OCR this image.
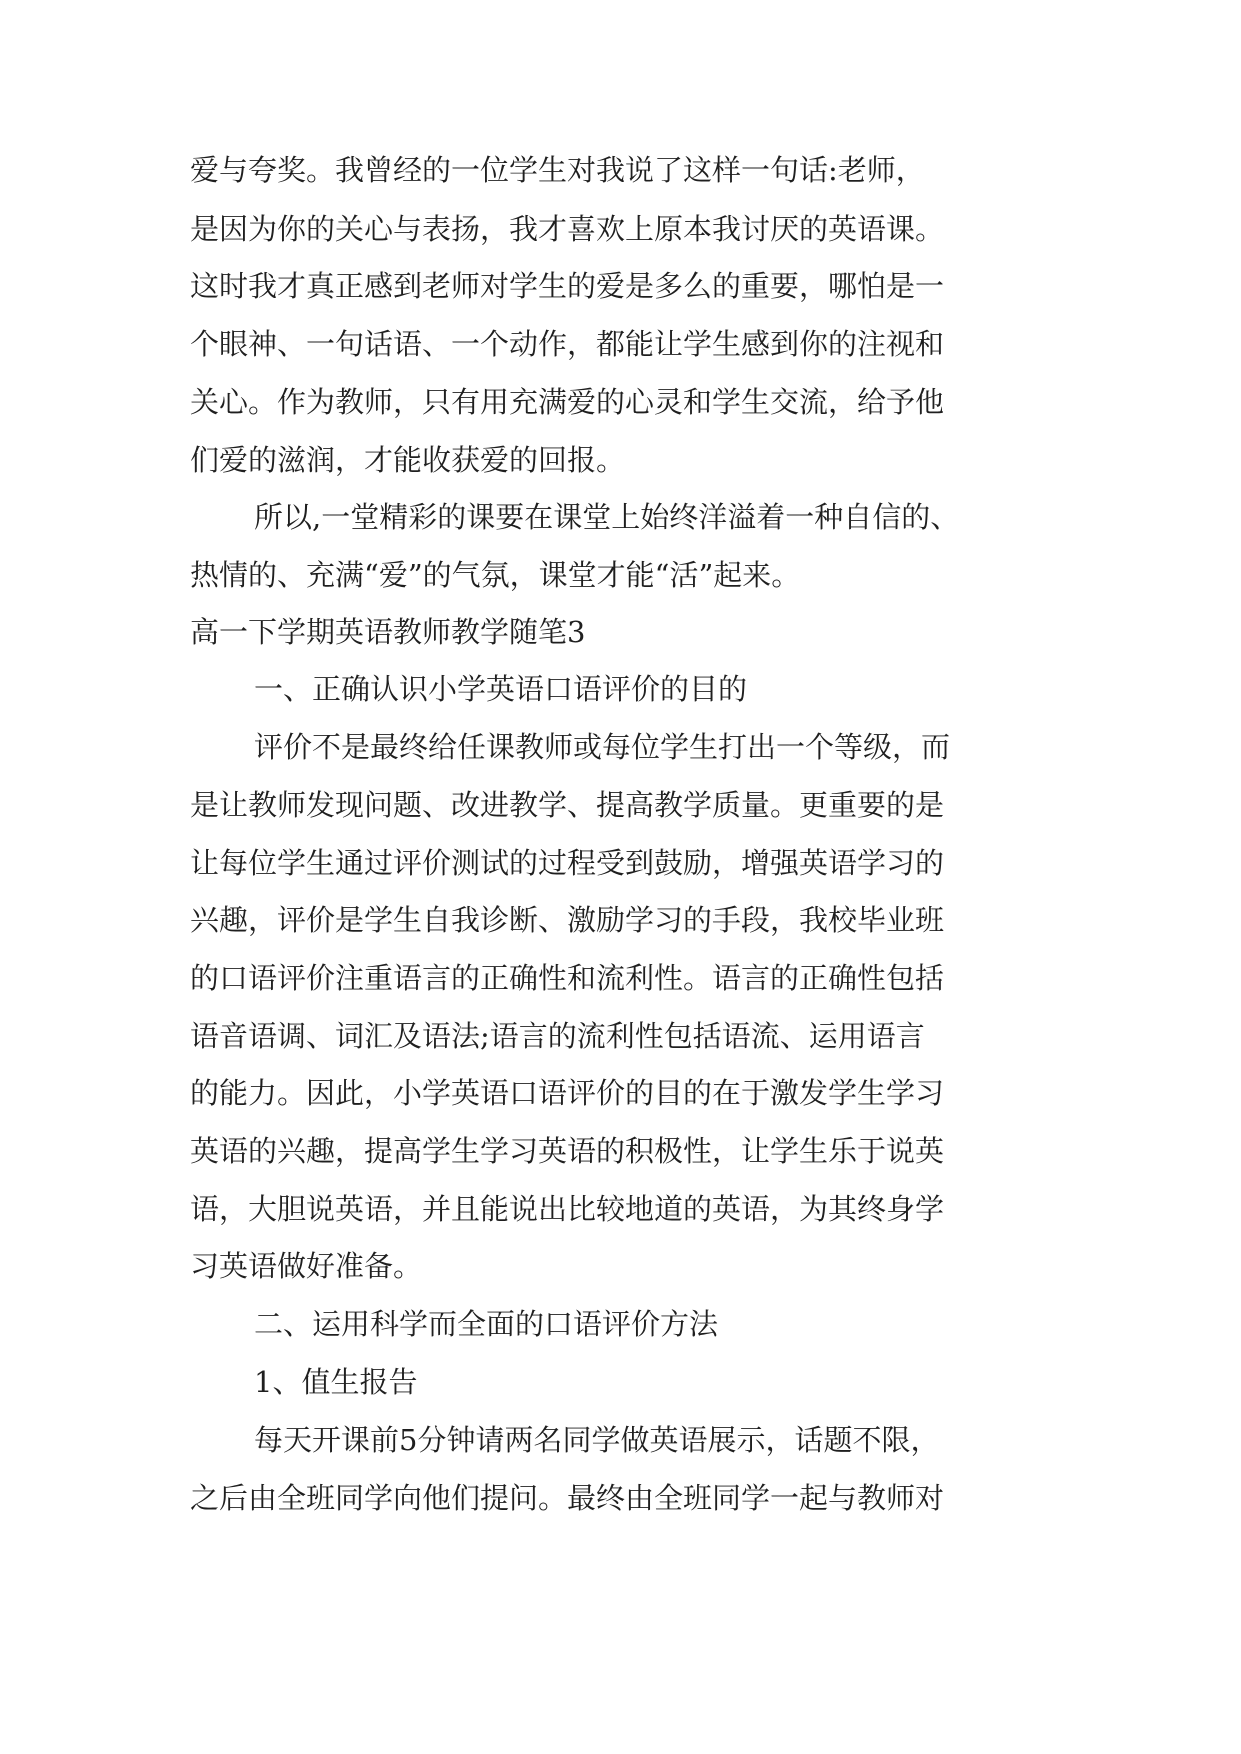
爱与夸奖。我曾经的一位学生对我说了这样一句话:老师，

是因为你的关心与表扬，我才喜欢上原本我讨厌的英语课。

这时我才真正感到老师对学生的爱是多么的重要，哪怕是一

个眼神、一句话语、一个动作，都能让学生感到你的注视和

关心。作为教师，只有用充满爱的心灵和学生交流，给予他

们爱的滋润，才能收获爱的回报。

所以,一堂精彩的课要在课堂上始终洋溢着一种自信的、

热情的、充满“爱”的气氛，课堂才能“活”起来。

高一下学期英语教师教学随笔3

一、正确认识小学英语口语评价的目的

评价不是最终给任课教师或每位学生打出一个等级，而

是让教师发现问题、改进教学、提高教学质量。更重要的是

让每位学生通过评价测试的过程受到鼓励，增强英语学习的

兴趣，评价是学生自我诊断、激励学习的手段，我校毕业班

的口语评价注重语言的正确性和流利性。语言的正确性包括

语音语调、词汇及语法;语言的流利性包括语流、运用语言

的能力。因此，小学英语口语评价的目的在于激发学生学习

英语的兴趣，提高学生学习英语的积极性，让学生乐于说英

语，大胆说英语，并且能说出比较地道的英语，为其终身学

习英语做好准备。

二、运用科学而全面的口语评价方法

1、值生报告

每天开课前5分钟请两名同学做英语展示，话题不限，

之后由全班同学向他们提问。最终由全班同学一起与教师对
